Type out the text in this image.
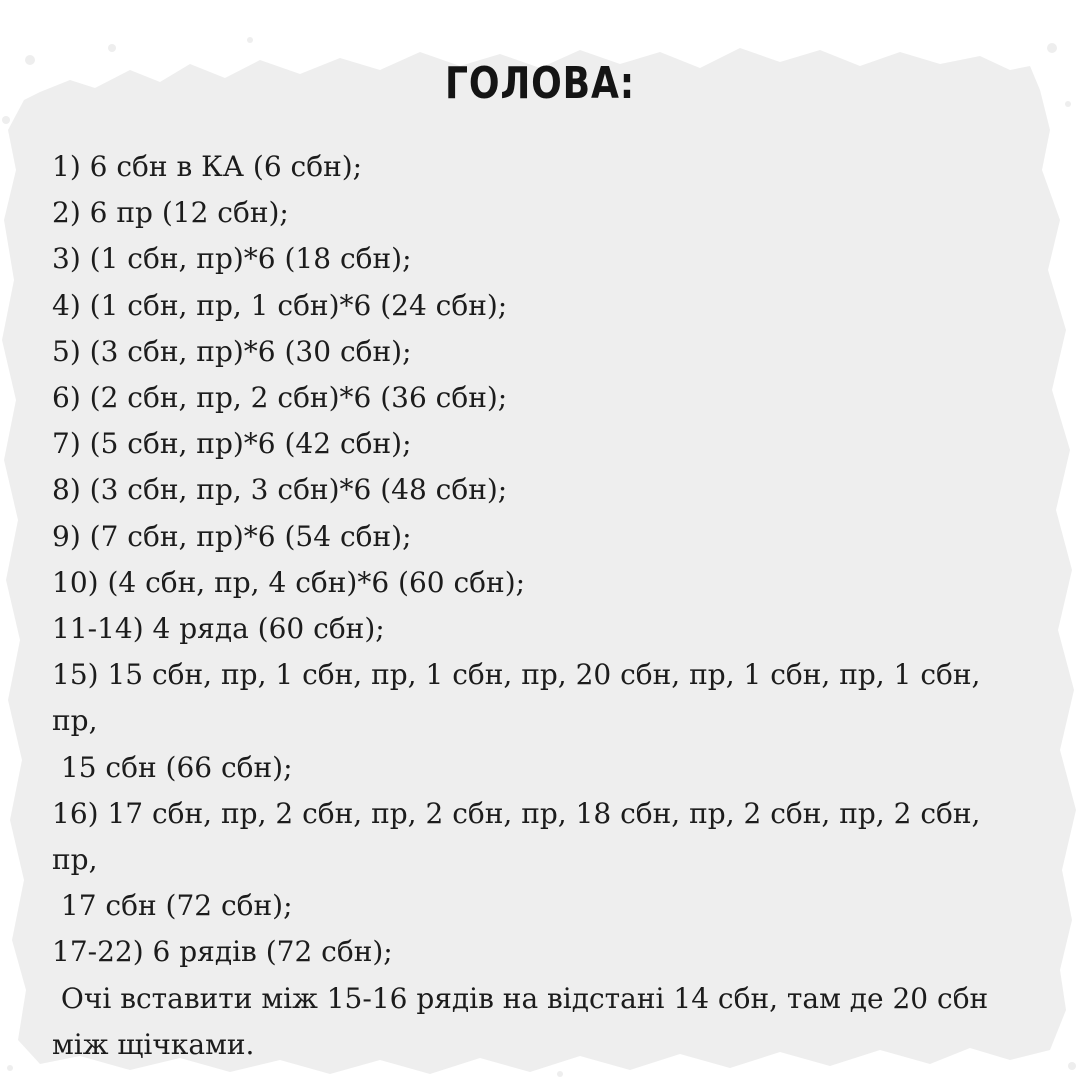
ГОЛОВА:
1) 6 сбн в КА (6 сбн);
2) 6 пр (12 сбн);
3) (1 сбн, пр)*6 (18 сбн);
4) (1 сбн, пр, 1 сбн)*6 (24 сбн);
5) (3 сбн, пр)*6 (30 сбн);
6) (2 сбн, пр, 2 сбн)*6 (36 сбн);
7) (5 сбн, пр)*6 (42 сбн);
8) (3 сбн, пр, 3 сбн)*6 (48 сбн);
9) (7 сбн, пр)*6 (54 сбн);
10) (4 сбн, пр, 4 сбн)*6 (60 сбн);
11-14) 4 ряда (60 сбн);
15) 15 сбн, пр, 1 сбн, пр, 1 сбн, пр, 20 сбн, пр, 1 сбн, пр, 1 сбн,
пр,
15 сбн (66 сбн);
16) 17 сбн, пр, 2 сбн, пр, 2 сбн, пр, 18 сбн, пр, 2 сбн, пр, 2 сбн,
пр,
17 сбн (72 сбн);
17-22) 6 рядів (72 сбн);
Очі вставити між 15-16 рядів на відстані 14 сбн, там де 20 сбн
між щічками.
